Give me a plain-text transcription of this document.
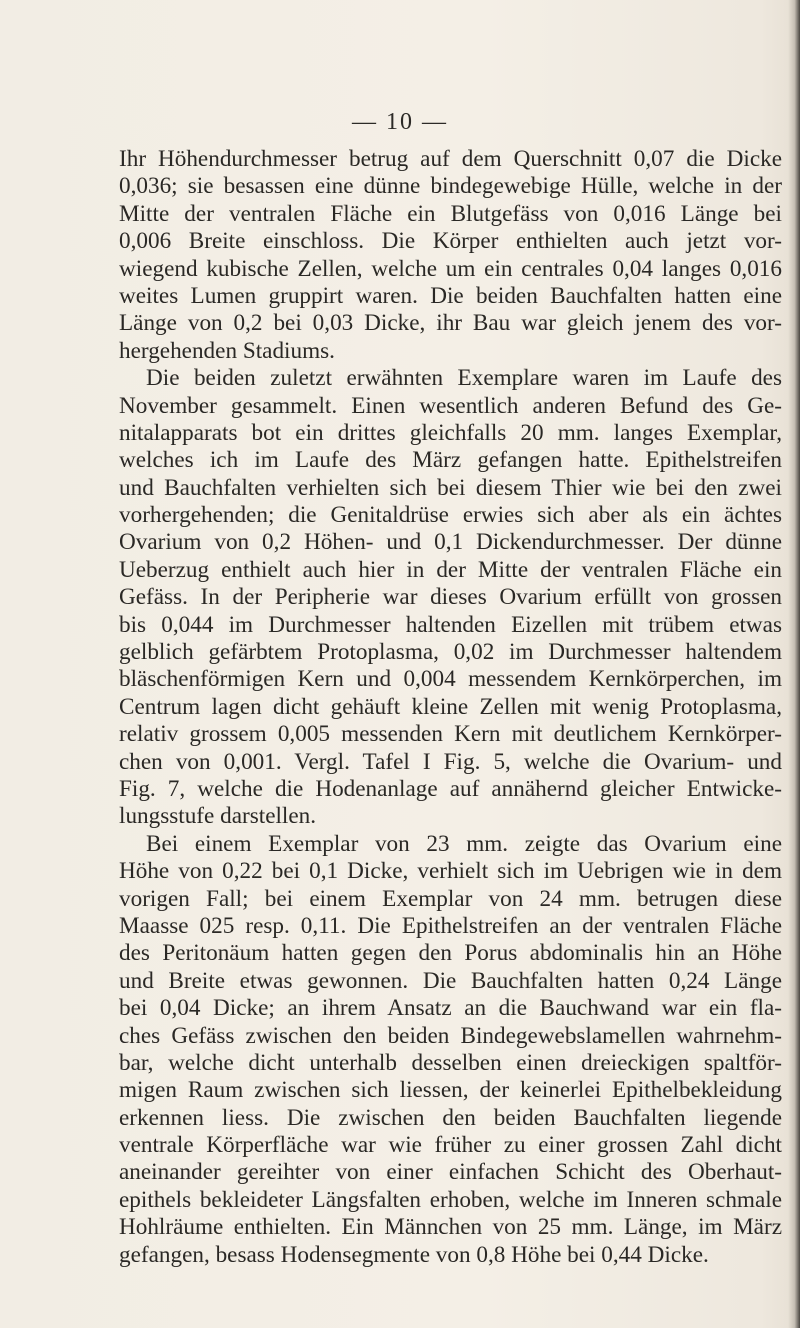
— 10 —
Ihr Höhendurchmesser betrug auf dem Querschnitt 0,07 die Dicke
0,036; sie besassen eine dünne bindegewebige Hülle, welche in der
Mitte der ventralen Fläche ein Blutgefäss von 0,016 Länge bei
0,006 Breite einschloss. Die Körper enthielten auch jetzt vor-
wiegend kubische Zellen, welche um ein centrales 0,04 langes 0,016
weites Lumen gruppirt waren. Die beiden Bauchfalten hatten eine
Länge von 0,2 bei 0,03 Dicke, ihr Bau war gleich jenem des vor-
hergehenden Stadiums.
Die beiden zuletzt erwähnten Exemplare waren im Laufe des
November gesammelt. Einen wesentlich anderen Befund des Ge-
nitalapparats bot ein drittes gleichfalls 20 mm. langes Exemplar,
welches ich im Laufe des März gefangen hatte. Epithelstreifen
und Bauchfalten verhielten sich bei diesem Thier wie bei den zwei
vorhergehenden; die Genitaldrüse erwies sich aber als ein ächtes
Ovarium von 0,2 Höhen- und 0,1 Dickendurchmesser. Der dünne
Ueberzug enthielt auch hier in der Mitte der ventralen Fläche ein
Gefäss. In der Peripherie war dieses Ovarium erfüllt von grossen
bis 0,044 im Durchmesser haltenden Eizellen mit trübem etwas
gelblich gefärbtem Protoplasma, 0,02 im Durchmesser haltendem
bläschenförmigen Kern und 0,004 messendem Kernkörperchen, im
Centrum lagen dicht gehäuft kleine Zellen mit wenig Protoplasma,
relativ grossem 0,005 messenden Kern mit deutlichem Kernkörper-
chen von 0,001. Vergl. Tafel I Fig. 5, welche die Ovarium- und
Fig. 7, welche die Hodenanlage auf annähernd gleicher Entwicke-
lungsstufe darstellen.
Bei einem Exemplar von 23 mm. zeigte das Ovarium eine
Höhe von 0,22 bei 0,1 Dicke, verhielt sich im Uebrigen wie in dem
vorigen Fall; bei einem Exemplar von 24 mm. betrugen diese
Maasse 025 resp. 0,11. Die Epithelstreifen an der ventralen Fläche
des Peritonäum hatten gegen den Porus abdominalis hin an Höhe
und Breite etwas gewonnen. Die Bauchfalten hatten 0,24 Länge
bei 0,04 Dicke; an ihrem Ansatz an die Bauchwand war ein fla-
ches Gefäss zwischen den beiden Bindegewebslamellen wahrnehm-
bar, welche dicht unterhalb desselben einen dreieckigen spaltför-
migen Raum zwischen sich liessen, der keinerlei Epithelbekleidung
erkennen liess. Die zwischen den beiden Bauchfalten liegende
ventrale Körperfläche war wie früher zu einer grossen Zahl dicht
aneinander gereihter von einer einfachen Schicht des Oberhaut-
epithels bekleideter Längsfalten erhoben, welche im Inneren schmale
Hohlräume enthielten. Ein Männchen von 25 mm. Länge, im März
gefangen, besass Hodensegmente von 0,8 Höhe bei 0,44 Dicke.
